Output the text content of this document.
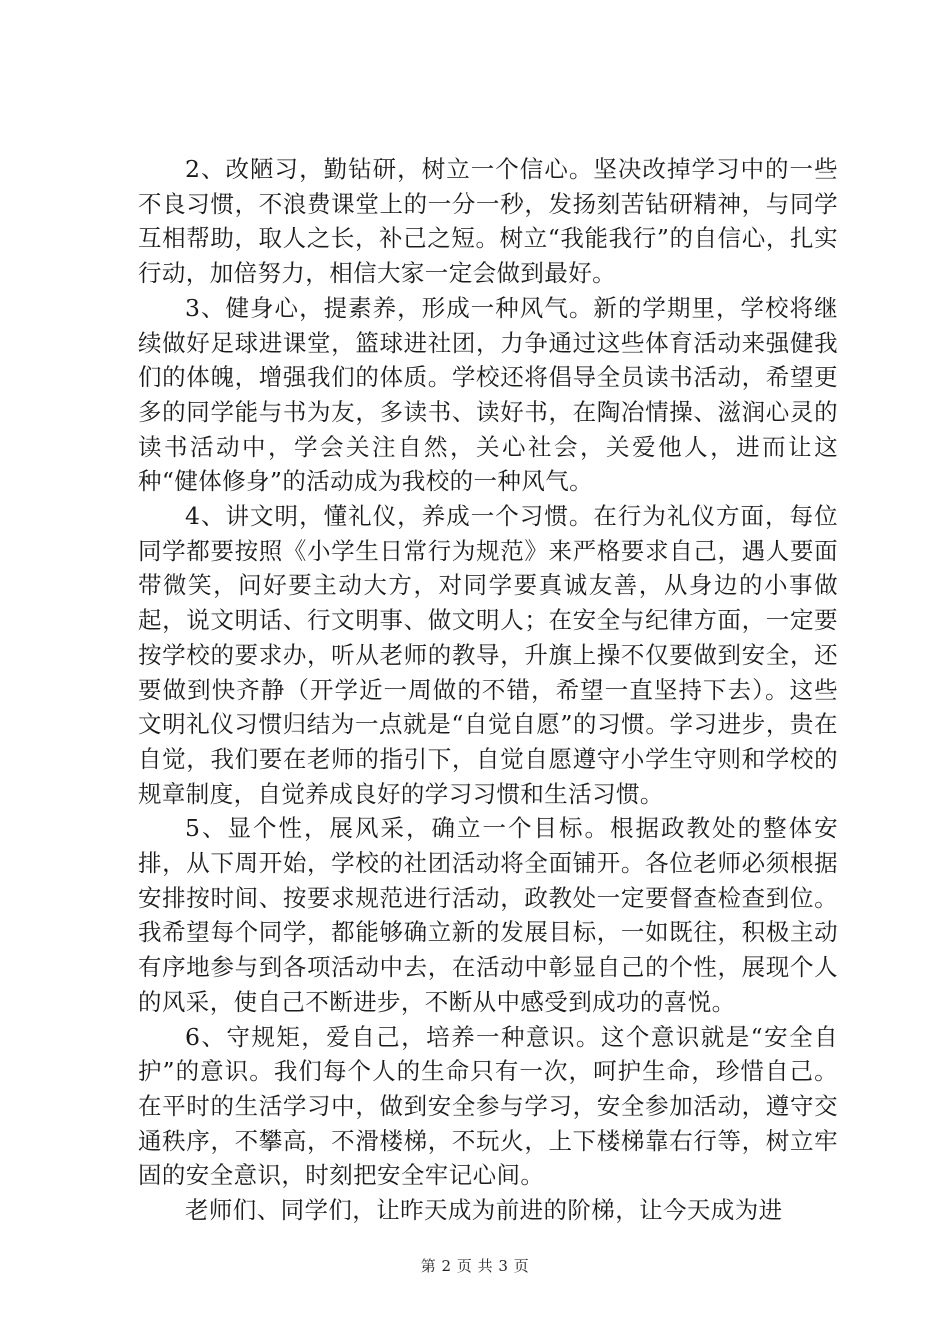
2、改陋习，勤钻研，树立一个信心。坚决改掉学习中的一些不良习惯，不浪费课堂上的一分一秒，发扬刻苦钻研精神，与同学互相帮助，取人之长，补己之短。树立“我能我行”的自信心，扎实行动，加倍努力，相信大家一定会做到最好。

3、健身心，提素养，形成一种风气。新的学期里，学校将继续做好足球进课堂，篮球进社团，力争通过这些体育活动来强健我们的体魄，增强我们的体质。学校还将倡导全员读书活动，希望更多的同学能与书为友，多读书、读好书，在陶冶情操、滋润心灵的读书活动中，学会关注自然，关心社会，关爱他人，进而让这种“健体修身”的活动成为我校的一种风气。

4、讲文明，懂礼仪，养成一个习惯。在行为礼仪方面，每位同学都要按照《小学生日常行为规范》来严格要求自己，遇人要面带微笑，问好要主动大方，对同学要真诚友善，从身边的小事做起，说文明话、行文明事、做文明人；在安全与纪律方面，一定要按学校的要求办，听从老师的教导，升旗上操不仅要做到安全，还要做到快齐静（开学近一周做的不错，希望一直坚持下去）。这些文明礼仪习惯归结为一点就是“自觉自愿”的习惯。学习进步，贵在自觉，我们要在老师的指引下，自觉自愿遵守小学生守则和学校的规章制度，自觉养成良好的学习习惯和生活习惯。

5、显个性，展风采，确立一个目标。根据政教处的整体安排，从下周开始，学校的社团活动将全面铺开。各位老师必须根据安排按时间、按要求规范进行活动，政教处一定要督查检查到位。我希望每个同学，都能够确立新的发展目标，一如既往，积极主动有序地参与到各项活动中去，在活动中彰显自己的个性，展现个人的风采，使自己不断进步，不断从中感受到成功的喜悦。

6、守规矩，爱自己，培养一种意识。这个意识就是“安全自护”的意识。我们每个人的生命只有一次，呵护生命，珍惜自己。在平时的生活学习中，做到安全参与学习，安全参加活动，遵守交通秩序，不攀高，不滑楼梯，不玩火，上下楼梯靠右行等，树立牢固的安全意识，时刻把安全牢记心间。

老师们、同学们，让昨天成为前进的阶梯，让今天成为进

第 2 页 共 3 页
